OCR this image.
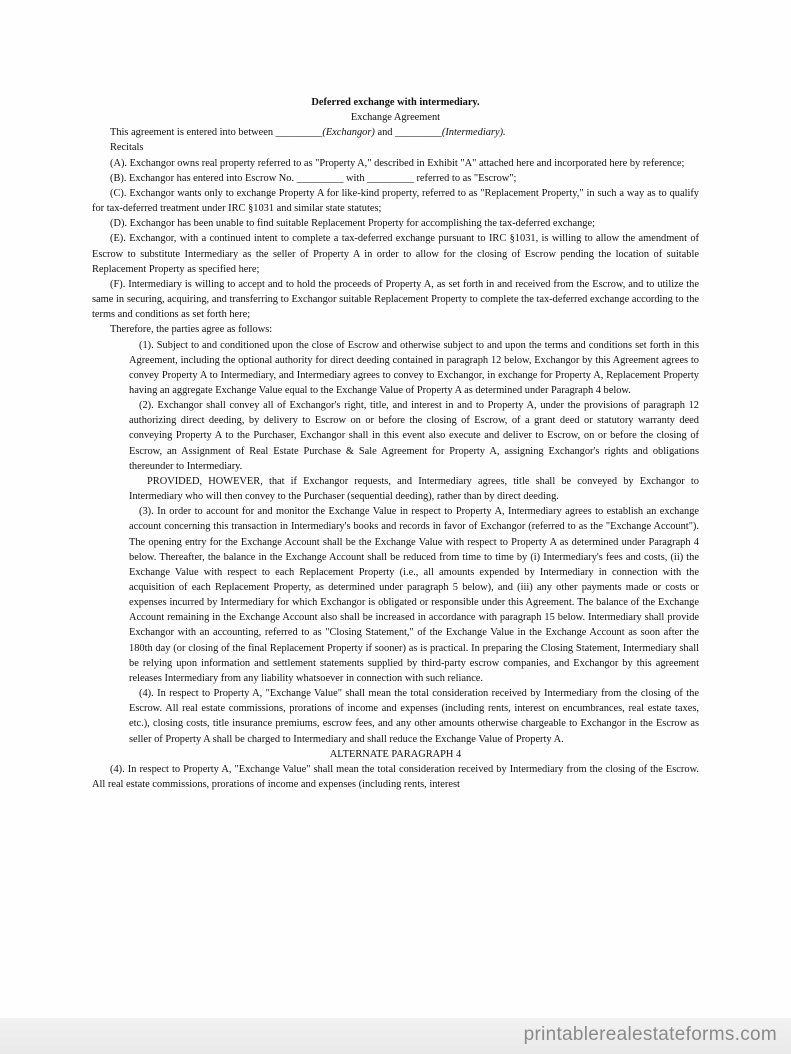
Deferred exchange with intermediary.

Exchange Agreement

This agreement is entered into between _________(Exchangor) and _________(Intermediary).

Recitals

(A). Exchangor owns real property referred to as "Property A," described in Exhibit "A" attached here and incorporated here by reference;

(B). Exchangor has entered into Escrow No. _________ with _________ referred to as "Escrow";

(C). Exchangor wants only to exchange Property A for like-kind property, referred to as "Replacement Property," in such a way as to qualify for tax-deferred treatment under IRC §1031 and similar state statutes;

(D). Exchangor has been unable to find suitable Replacement Property for accomplishing the tax-deferred exchange;

(E). Exchangor, with a continued intent to complete a tax-deferred exchange pursuant to IRC §1031, is willing to allow the amendment of Escrow to substitute Intermediary as the seller of Property A in order to allow for the closing of Escrow pending the location of suitable Replacement Property as specified here;

(F). Intermediary is willing to accept and to hold the proceeds of Property A, as set forth in and received from the Escrow, and to utilize the same in securing, acquiring, and transferring to Exchangor suitable Replacement Property to complete the tax-deferred exchange according to the terms and conditions as set forth here;

Therefore, the parties agree as follows:

(1). Subject to and conditioned upon the close of Escrow and otherwise subject to and upon the terms and conditions set forth in this Agreement, including the optional authority for direct deeding contained in paragraph 12 below, Exchangor by this Agreement agrees to convey Property A to Intermediary, and Intermediary agrees to convey to Exchangor, in exchange for Property A, Replacement Property having an aggregate Exchange Value equal to the Exchange Value of Property A as determined under Paragraph 4 below.

(2). Exchangor shall convey all of Exchangor's right, title, and interest in and to Property A, under the provisions of paragraph 12 authorizing direct deeding, by delivery to Escrow on or before the closing of Escrow, of a grant deed or statutory warranty deed conveying Property A to the Purchaser, Exchangor shall in this event also execute and deliver to Escrow, on or before the closing of Escrow, an Assignment of Real Estate Purchase & Sale Agreement for Property A, assigning Exchangor's rights and obligations thereunder to Intermediary.

PROVIDED, HOWEVER, that if Exchangor requests, and Intermediary agrees, title shall be conveyed by Exchangor to Intermediary who will then convey to the Purchaser (sequential deeding), rather than by direct deeding.

(3). In order to account for and monitor the Exchange Value in respect to Property A, Intermediary agrees to establish an exchange account concerning this transaction in Intermediary's books and records in favor of Exchangor (referred to as the "Exchange Account"). The opening entry for the Exchange Account shall be the Exchange Value with respect to Property A as determined under Paragraph 4 below. Thereafter, the balance in the Exchange Account shall be reduced from time to time by (i) Intermediary's fees and costs, (ii) the Exchange Value with respect to each Replacement Property (i.e., all amounts expended by Intermediary in connection with the acquisition of each Replacement Property, as determined under paragraph 5 below), and (iii) any other payments made or costs or expenses incurred by Intermediary for which Exchangor is obligated or responsible under this Agreement. The balance of the Exchange Account remaining in the Exchange Account also shall be increased in accordance with paragraph 15 below. Intermediary shall provide Exchangor with an accounting, referred to as "Closing Statement," of the Exchange Value in the Exchange Account as soon after the 180th day (or closing of the final Replacement Property if sooner) as is practical. In preparing the Closing Statement, Intermediary shall be relying upon information and settlement statements supplied by third-party escrow companies, and Exchangor by this agreement releases Intermediary from any liability whatsoever in connection with such reliance.

(4). In respect to Property A, "Exchange Value" shall mean the total consideration received by Intermediary from the closing of the Escrow. All real estate commissions, prorations of income and expenses (including rents, interest on encumbrances, real estate taxes, etc.), closing costs, title insurance premiums, escrow fees, and any other amounts otherwise chargeable to Exchangor in the Escrow as seller of Property A shall be charged to Intermediary and shall reduce the Exchange Value of Property A.

ALTERNATE PARAGRAPH 4

(4). In respect to Property A, "Exchange Value" shall mean the total consideration received by Intermediary from the closing of the Escrow. All real estate commissions, prorations of income and expenses (including rents, interest

printablerealestateforms.com
